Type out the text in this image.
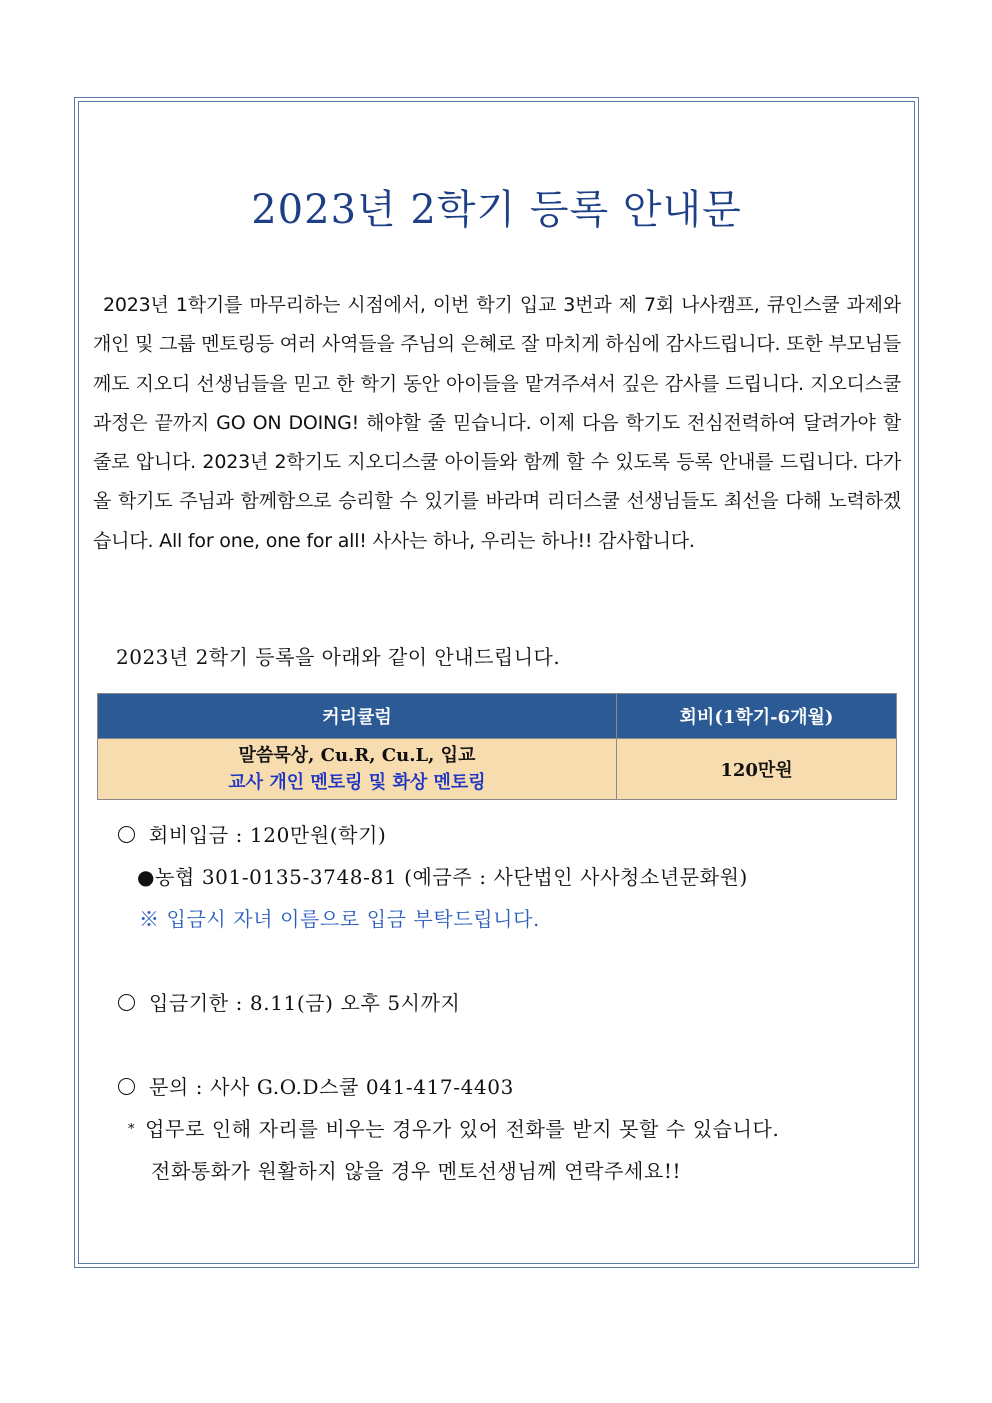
2023년 2학기 등록 안내문

2023년 1학기를 마무리하는 시점에서, 이번 학기 입교 3번과 제 7회 나사캠프, 큐인스쿨 과제와 개인 및 그룹 멘토링등 여러 사역들을 주님의 은혜로 잘 마치게 하심에 감사드립니다. 또한 부모님들께도 지오디 선생님들을 믿고 한 학기 동안 아이들을 맡겨주셔서 깊은 감사를 드립니다. 지오디스쿨 과정은 끝까지 GO ON DOING! 해야할 줄 믿습니다. 이제 다음 학기도 전심전력하여 달려가야 할 줄로 압니다. 2023년 2학기도 지오디스쿨 아이들와 함께 할 수 있도록 등록 안내를 드립니다. 다가올 학기도 주님과 함께함으로 승리할 수 있기를 바라며 리더스쿨 선생님들도 최선을 다해 노력하겠습니다. All for one, one for all! 사사는 하나, 우리는 하나!! 감사합니다.

2023년 2학기 등록을 아래와 같이 안내드립니다.
커리큘럼	회비(1학기-6개월)

말씀묵상, Cu.R, Cu.L, 입교
교사 개인 멘토링 및 화상 멘토링	120만원
회비입금 : 120만원(학기)
●농협 301-0135-3748-81 (예금주 : 사단법인 사사청소년문화원)
※ 입금시 자녀 이름으로 입금 부탁드립니다.
입금기한 : 8.11(금) 오후 5시까지
문의 : 사사 G.O.D스쿨 041-417-4403
* 업무로 인해 자리를 비우는 경우가 있어 전화를 받지 못할 수 있습니다.
전화통화가 원활하지 않을 경우 멘토선생님께 연락주세요!!
